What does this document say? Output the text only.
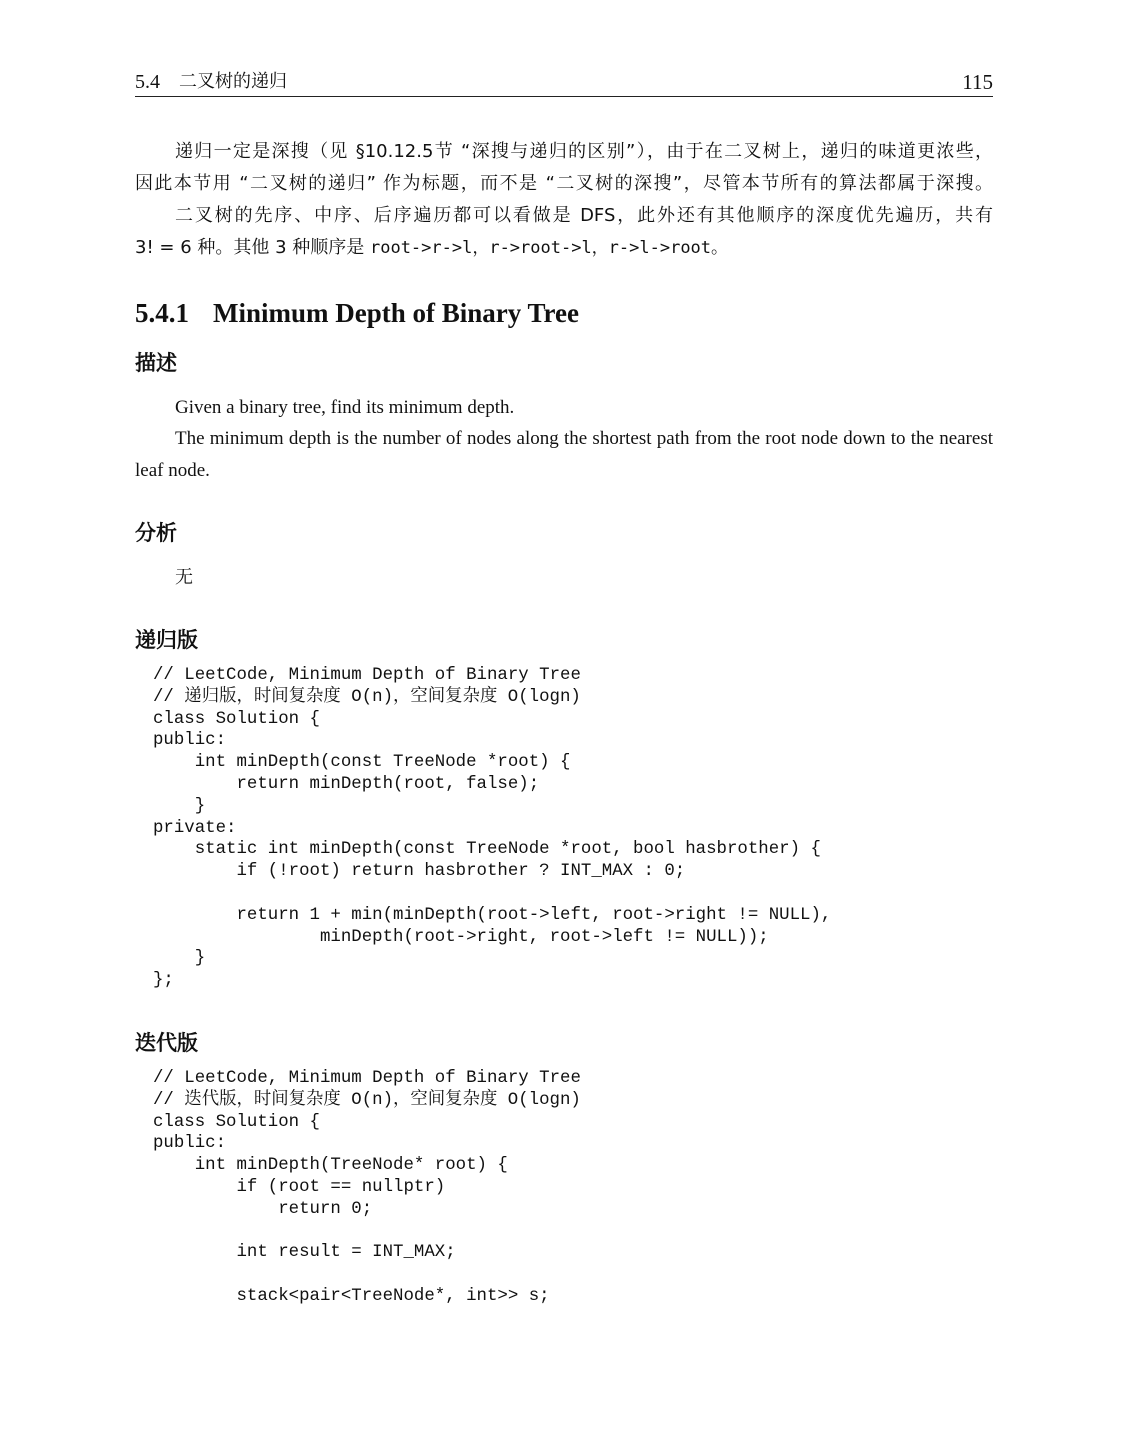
5.4 二叉树的递归	115
递归一定是深搜（见 §10.12.5节 “深搜与递归的区别”），由于在二叉树上，递归的味道更浓些，
因此本节用 “二叉树的递归” 作为标题，而不是 “二叉树的深搜”，尽管本节所有的算法都属于深搜。
二叉树的先序、中序、后序遍历都可以看做是 DFS，此外还有其他顺序的深度优先遍历，共有
3! = 6 种。其他 3 种顺序是 root->r->l，r->root->l，r->l->root。
5.4.1 Minimum Depth of Binary Tree
描述
Given a binary tree, find its minimum depth.
The minimum depth is the number of nodes along the shortest path from the root node down to the nearest
leaf node.
分析
无
递归版
// LeetCode, Minimum Depth of Binary Tree
// 递归版，时间复杂度 O(n)，空间复杂度 O(logn)
class Solution {
public:
int minDepth(const TreeNode *root) {
return minDepth(root, false);
}
private:
static int minDepth(const TreeNode *root, bool hasbrother) {
if (!root) return hasbrother ? INT_MAX : 0;
return 1 + min(minDepth(root->left, root->right != NULL),
minDepth(root->right, root->left != NULL));
}
};
迭代版
// LeetCode, Minimum Depth of Binary Tree
// 迭代版，时间复杂度 O(n)，空间复杂度 O(logn)
class Solution {
public:
int minDepth(TreeNode* root) {
if (root == nullptr)
return 0;
int result = INT_MAX;
stack<pair<TreeNode*, int>> s;
